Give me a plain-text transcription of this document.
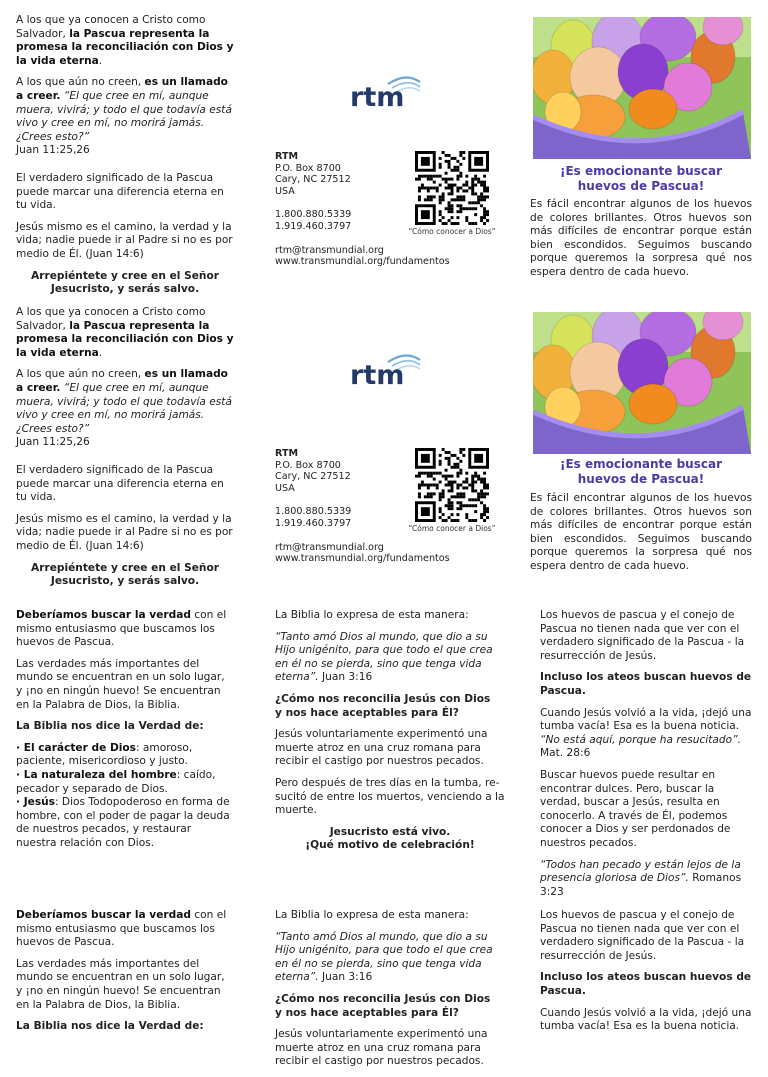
A los que ya conocen a Cristo como Salvador, la Pascua representa la promesa la reconciliación con Dios y la vida eterna.

A los que aún no creen, es un llamado a creer. “El que cree en mí, aunque muera, vivirá; y todo el que todavía está vivo y cree en mí, no morirá jamás. ¿Crees esto?”
Juan 11:25,26

El verdadero significado de la Pascua puede marcar una diferencia eterna en tu vida.

Jesús mismo es el camino, la verdad y la vida; nadie puede ir al Padre si no es por medio de Él. (Juan 14:6)

Arrepiéntete y cree en el Señor
Jesucristo, y serás salvo.

rtm
RTM
P.O. Box 8700
Cary, NC 27512
USA
1.800.880.5339
1.919.460.3797
rtm@transmundial.org
www.transmundial.org/fundamentos
“Cómo conocer a Dios”
¡Es emocionante buscar
huevos de Pascua!
Es fácil encontrar algunos de los huevos de colores brillantes. Otros huevos son más difíciles de encontrar porque están bien escondidos. Seguimos buscando porque queremos la sorpresa qué nos espera dentro de cada huevo.

A los que ya conocen a Cristo como Salvador, la Pascua representa la promesa la reconciliación con Dios y la vida eterna.

A los que aún no creen, es un llamado a creer. “El que cree en mí, aunque muera, vivirá; y todo el que todavía está vivo y cree en mí, no morirá jamás. ¿Crees esto?”
Juan 11:25,26

El verdadero significado de la Pascua puede marcar una diferencia eterna en tu vida.

Jesús mismo es el camino, la verdad y la vida; nadie puede ir al Padre si no es por medio de Él. (Juan 14:6)

Arrepiéntete y cree en el Señor
Jesucristo, y serás salvo.

rtm
RTM
P.O. Box 8700
Cary, NC 27512
USA
1.800.880.5339
1.919.460.3797
rtm@transmundial.org
www.transmundial.org/fundamentos
“Cómo conocer a Dios”
¡Es emocionante buscar
huevos de Pascua!
Es fácil encontrar algunos de los huevos de colores brillantes. Otros huevos son más difíciles de encontrar porque están bien escondidos. Seguimos buscando porque queremos la sorpresa qué nos espera dentro de cada huevo.

Deberíamos buscar la verdad con el mismo entusiasmo que buscamos los huevos de Pascua.

Las verdades más importantes del mundo se encuentran en un solo lugar, y ¡no en ningún huevo! Se encuentran en la Palabra de Dios, la Biblia.

La Biblia nos dice la Verdad de:

· El carácter de Dios: amoroso, paciente, misericordioso y justo.
· La naturaleza del hombre: caído, pecador y separado de Dios.
· Jesús: Dios Todopoderoso en forma de hombre, con el poder de pagar la deuda de nuestros pecados, y restaurar nuestra relación con Dios.

La Biblia lo expresa de esta manera:

“Tanto amó Dios al mundo, que dio a su Hijo unigénito, para que todo el que crea en él no se pierda, sino que tenga vida eterna”. Juan 3:16

¿Cómo nos reconcilia Jesús con Dios
y nos hace aceptables para Él?

Jesús voluntariamente experimentó una muerte atroz en una cruz romana para recibir el castigo por nuestros pecados.

Pero después de tres días en la tumba, re-sucitó de entre los muertos, venciendo a la muerte.

Jesucristo está vivo.
¡Qué motivo de celebración!

Los huevos de pascua y el conejo de Pascua no tienen nada que ver con el verdadero significado de la Pascua - la resurrección de Jesús.

Incluso los ateos buscan huevos de Pascua.

Cuando Jesús volvió a la vida, ¡dejó una tumba vacía! Esa es la buena noticia. “No está aquí, porque ha resucitado”. Mat. 28:6

Buscar huevos puede resultar en encontrar dulces. Pero, buscar la verdad, buscar a Jesús, resulta en conocerlo. A través de Él, podemos conocer a Dios y ser perdonados de nuestros pecados.

“Todos han pecado y están lejos de la presencia gloriosa de Dios”. Romanos 3:23

Deberíamos buscar la verdad con el mismo entusiasmo que buscamos los huevos de Pascua.

Las verdades más importantes del mundo se encuentran en un solo lugar, y ¡no en ningún huevo! Se encuentran en la Palabra de Dios, la Biblia.

La Biblia nos dice la Verdad de:

La Biblia lo expresa de esta manera:

“Tanto amó Dios al mundo, que dio a su Hijo unigénito, para que todo el que crea en él no se pierda, sino que tenga vida eterna”. Juan 3:16

¿Cómo nos reconcilia Jesús con Dios
y nos hace aceptables para Él?

Jesús voluntariamente experimentó una muerte atroz en una cruz romana para recibir el castigo por nuestros pecados.

Los huevos de pascua y el conejo de Pascua no tienen nada que ver con el verdadero significado de la Pascua - la resurrección de Jesús.

Incluso los ateos buscan huevos de Pascua.

Cuando Jesús volvió a la vida, ¡dejó una tumba vacía! Esa es la buena noticia.
